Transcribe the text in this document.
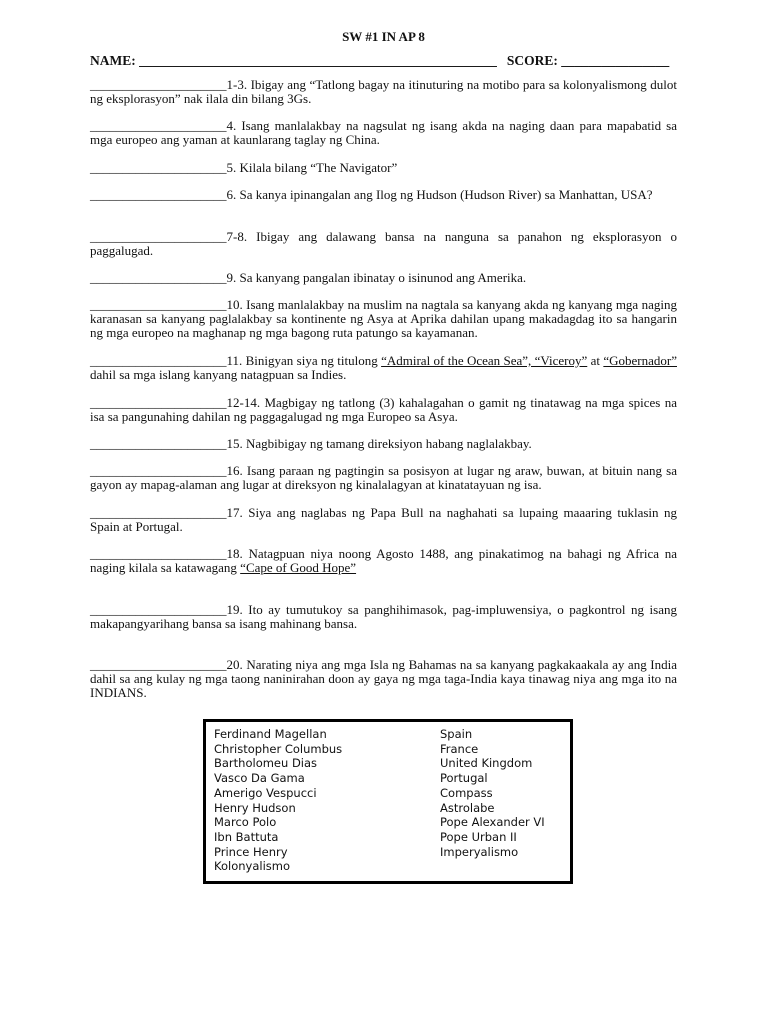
SW #1 IN AP 8
NAME: _____________________________________________________ SCORE: ________________
_____________________1-3. Ibigay ang “Tatlong bagay na itinuturing na motibo para sa kolonyalismong dulot ng eksplorasyon” nak ilala din bilang 3Gs.
_____________________4. Isang manlalakbay na nagsulat ng isang akda na naging daan para mapabatid sa mga europeo ang yaman at kaunlarang taglay ng China.
_____________________5. Kilala bilang “The Navigator”
_____________________6. Sa kanya ipinangalan ang Ilog ng Hudson (Hudson River) sa Manhattan, USA?
_____________________7-8. Ibigay ang dalawang bansa na nanguna sa panahon ng eksplorasyon o paggalugad.
_____________________9. Sa kanyang pangalan ibinatay o isinunod ang Amerika.
_____________________10. Isang manlalakbay na muslim na nagtala sa kanyang akda ng kanyang mga naging karanasan sa kanyang paglalakbay sa kontinente ng Asya at Aprika dahilan upang makadagdag ito sa hangarin ng mga europeo na maghanap ng mga bagong ruta patungo sa kayamanan.
_____________________11. Binigyan siya ng titulong “Admiral of the Ocean Sea”, “Viceroy” at “Gobernador” dahil sa mga islang kanyang natagpuan sa Indies.
_____________________12-14. Magbigay ng tatlong (3) kahalagahan o gamit ng tinatawag na mga spices na isa sa pangunahing dahilan ng paggagalugad ng mga Europeo sa Asya.
_____________________15. Nagbibigay ng tamang direksiyon habang naglalakbay.
_____________________16. Isang paraan ng pagtingin sa posisyon at lugar ng araw, buwan, at bituin nang sa gayon ay mapag-alaman ang lugar at direksyon ng kinalalagyan at kinatatayuan ng isa.
_____________________17. Siya ang naglabas ng Papa Bull na naghahati sa lupaing maaaring tuklasin ng Spain at Portugal.
_____________________18. Natagpuan niya noong Agosto 1488, ang pinakatimog na bahagi ng Africa na naging kilala sa katawagang “Cape of Good Hope”
_____________________19. Ito ay tumutukoy sa panghihimasok, pag-impluwensiya, o pagkontrol ng isang makapangyarihang bansa sa isang mahinang bansa.
_____________________20. Narating niya ang mga Isla ng Bahamas na sa kanyang pagkakaakala ay ang India dahil sa ang kulay ng mga taong naninirahan doon ay gaya ng mga taga-India kaya tinawag niya ang mga ito na INDIANS.
Ferdinand Magellan
Christopher Columbus
Bartholomeu Dias
Vasco Da Gama
Amerigo Vespucci
Henry Hudson
Marco Polo
Ibn Battuta
Prince Henry
Kolonyalismo
Spain
France
United Kingdom
Portugal
Compass
Astrolabe
Pope Alexander VI
Pope Urban II
Imperyalismo
